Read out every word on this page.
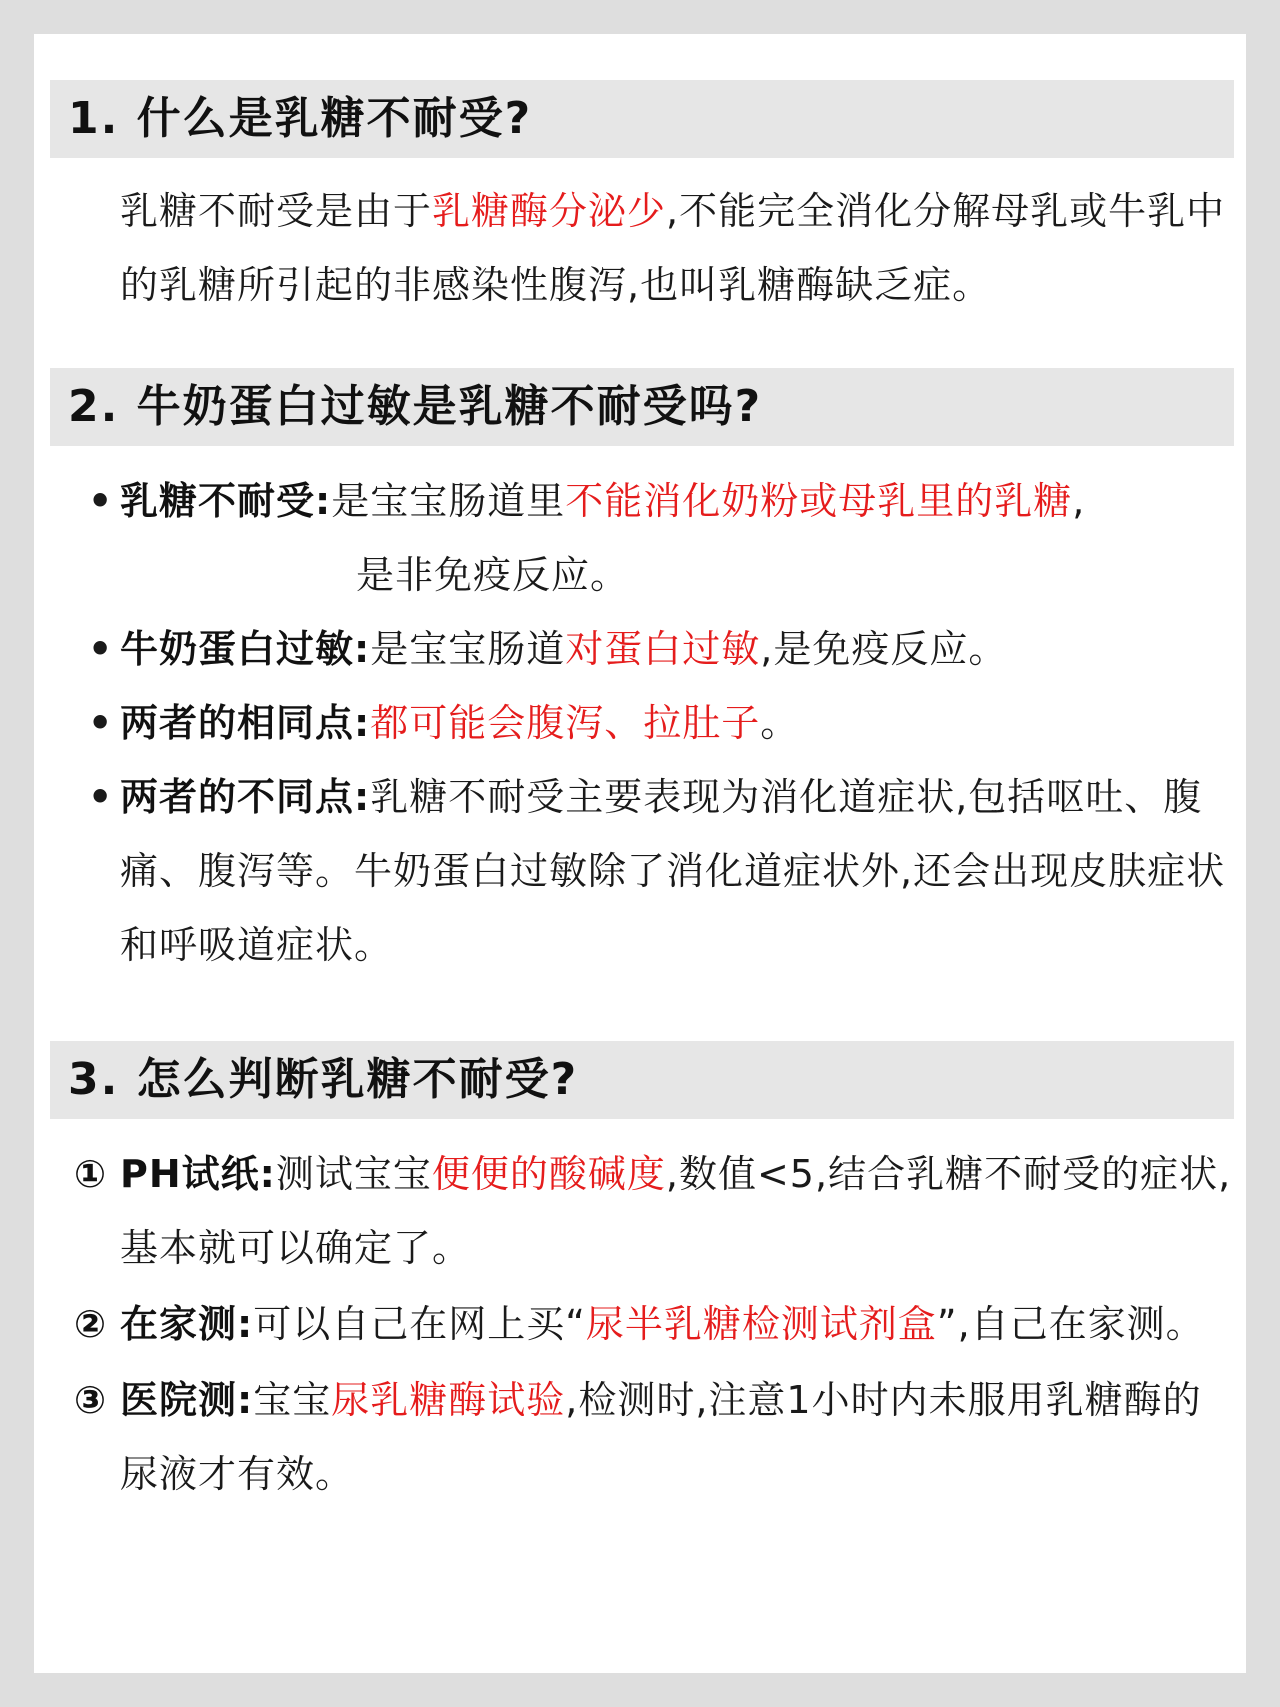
1. 什么是乳糖不耐受?
乳糖不耐受是由于乳糖酶分泌少,不能完全消化分解母乳或牛乳中的乳糖所引起的非感染性腹泻,也叫乳糖酶缺乏症。
2. 牛奶蛋白过敏是乳糖不耐受吗?
• 乳糖不耐受:是宝宝肠道里不能消化奶粉或母乳里的乳糖,
是非免疫反应。
• 牛奶蛋白过敏:是宝宝肠道对蛋白过敏,是免疫反应。
• 两者的相同点:都可能会腹泻、拉肚子。
• 两者的不同点:乳糖不耐受主要表现为消化道症状,包括呕吐、腹痛、腹泻等。牛奶蛋白过敏除了消化道症状外,还会出现皮肤症状和呼吸道症状。
3. 怎么判断乳糖不耐受?
① PH试纸:测试宝宝便便的酸碱度,数值<5,结合乳糖不耐受的症状,基本就可以确定了。
② 在家测:可以自己在网上买“尿半乳糖检测试剂盒”,自己在家测。
③ 医院测:宝宝尿乳糖酶试验,检测时,注意1小时内未服用乳糖酶的尿液才有效。
